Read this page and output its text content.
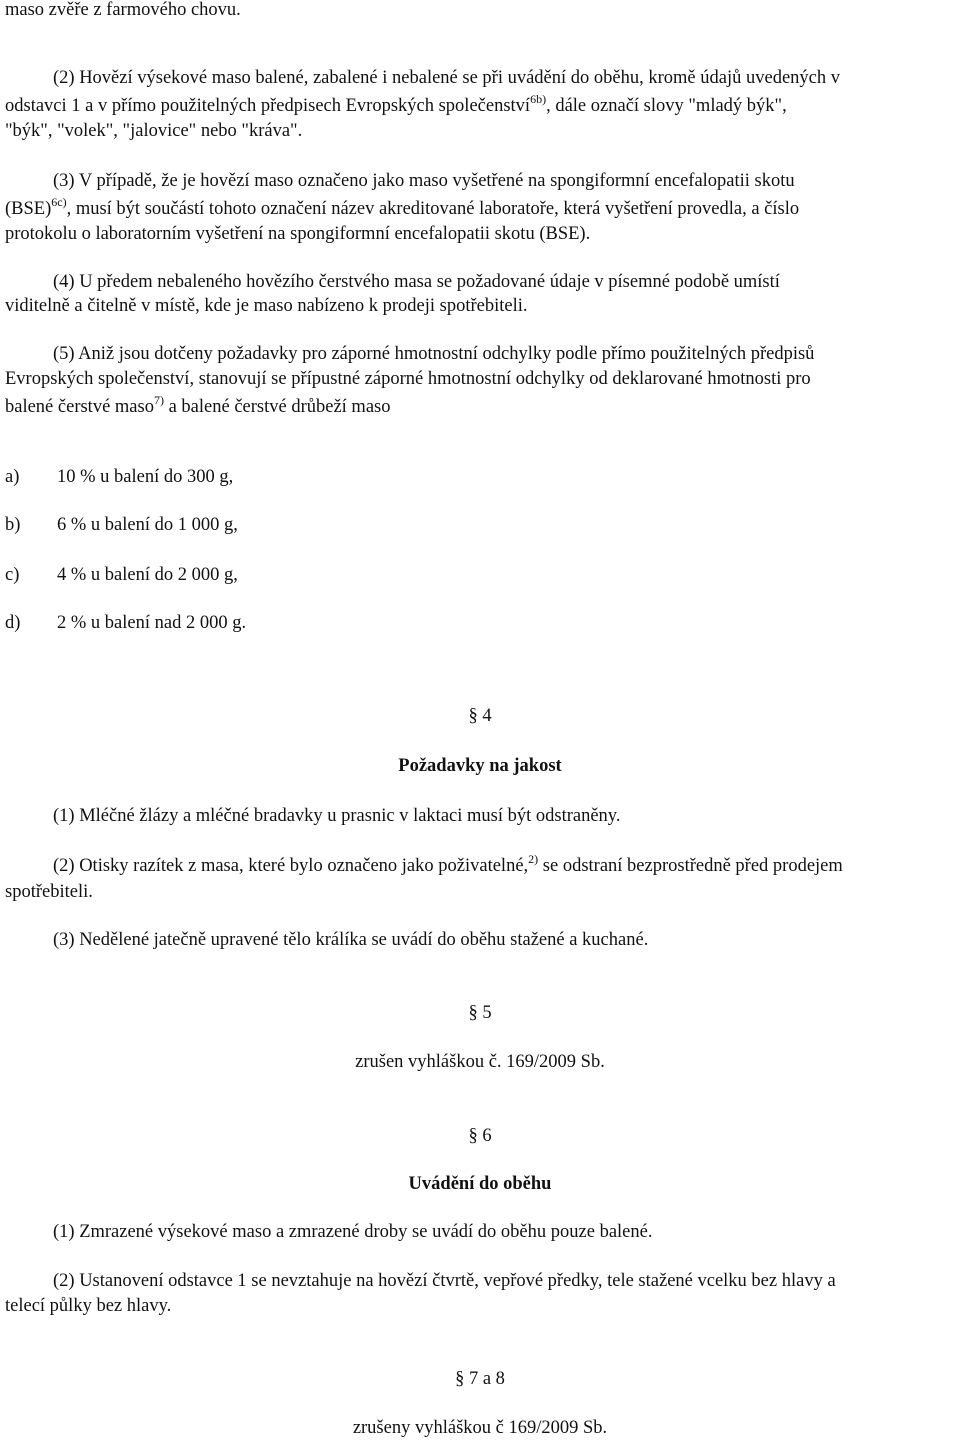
maso zvěře z farmového chovu.
(2) Hovězí výsekové maso balené, zabalené i nebalené se při uvádění do oběhu, kromě údajů uvedených v
odstavci 1 a v přímo použitelných předpisech Evropských společenství$^{6b)}$, dále označí slovy "mladý býk",
"býk", "volek", "jalovice" nebo "kráva".
(3) V případě, že je hovězí maso označeno jako maso vyšetřené na spongiformní encefalopatii skotu
(BSE)$^{6c)}$, musí být součástí tohoto označení název akreditované laboratoře, která vyšetření provedla, a číslo
protokolu o laboratorním vyšetření na spongiformní encefalopatii skotu (BSE).
(4) U předem nebaleného hovězího čerstvého masa se požadované údaje v písemné podobě umístí
viditelně a čitelně v místě, kde je maso nabízeno k prodeji spotřebiteli.
(5) Aniž jsou dotčeny požadavky pro záporné hmotnostní odchylky podle přímo použitelných předpisů
Evropských společenství, stanovují se přípustné záporné hmotnostní odchylky od deklarované hmotnosti pro
balené čerstvé maso$^{7)}$ a balené čerstvé drůbeží maso
a) 10 % u balení do 300 g,
b) 6 % u balení do 1 000 g,
c) 4 % u balení do 2 000 g,
d) 2 % u balení nad 2 000 g.
§ 4
Požadavky na jakost
(1) Mléčné žlázy a mléčné bradavky u prasnic v laktaci musí být odstraněny.
(2) Otisky razítek z masa, které bylo označeno jako poživatelné,$^{2)}$ se odstraní bezprostředně před prodejem
spotřebiteli.
(3) Nedělené jatečně upravené tělo králíka se uvádí do oběhu stažené a kuchané.
§ 5
zrušen vyhláškou č. 169/2009 Sb.
§ 6
Uvádění do oběhu
(1) Zmrazené výsekové maso a zmrazené droby se uvádí do oběhu pouze balené.
(2) Ustanovení odstavce 1 se nevztahuje na hovězí čtvrtě, vepřové předky, tele stažené vcelku bez hlavy a
telecí půlky bez hlavy.
§ 7 a 8
zrušeny vyhláškou č 169/2009 Sb.
